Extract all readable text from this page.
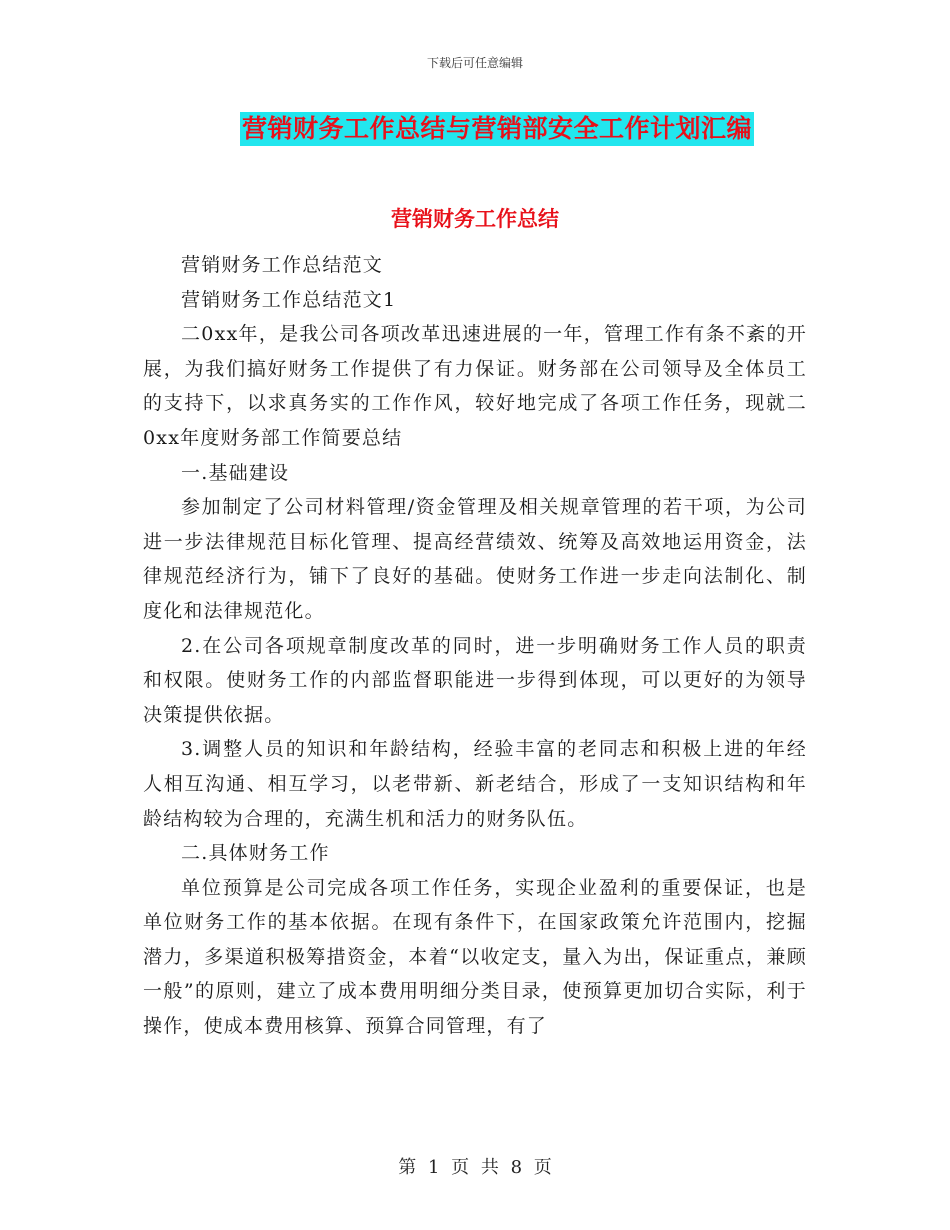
下载后可任意编辑
营销财务工作总结与营销部安全工作计划汇编
营销财务工作总结

营销财务工作总结范文

营销财务工作总结范文1

二0xx年，是我公司各项改革迅速进展的一年，管理工作有条不紊的开展，为我们搞好财务工作提供了有力保证。财务部在公司领导及全体员工的支持下，以求真务实的工作作风，较好地完成了各项工作任务，现就二0xx年度财务部工作简要总结

一.基础建设

参加制定了公司材料管理/资金管理及相关规章管理的若干项，为公司进一步法律规范目标化管理、提高经营绩效、统筹及高效地运用资金，法律规范经济行为，铺下了良好的基础。使财务工作进一步走向法制化、制度化和法律规范化。

2.在公司各项规章制度改革的同时，进一步明确财务工作人员的职责和权限。使财务工作的内部监督职能进一步得到体现，可以更好的为领导决策提供依据。

3.调整人员的知识和年龄结构，经验丰富的老同志和积极上进的年经人相互沟通、相互学习，以老带新、新老结合，形成了一支知识结构和年龄结构较为合理的，充满生机和活力的财务队伍。

二.具体财务工作

单位预算是公司完成各项工作任务，实现企业盈利的重要保证，也是单位财务工作的基本依据。在现有条件下，在国家政策允许范围内，挖掘潜力，多渠道积极筹措资金，本着“以收定支，量入为出，保证重点，兼顾一般”的原则，建立了成本费用明细分类目录，使预算更加切合实际，利于操作，使成本费用核算、预算合同管理，有了

第 1 页 共 8 页
